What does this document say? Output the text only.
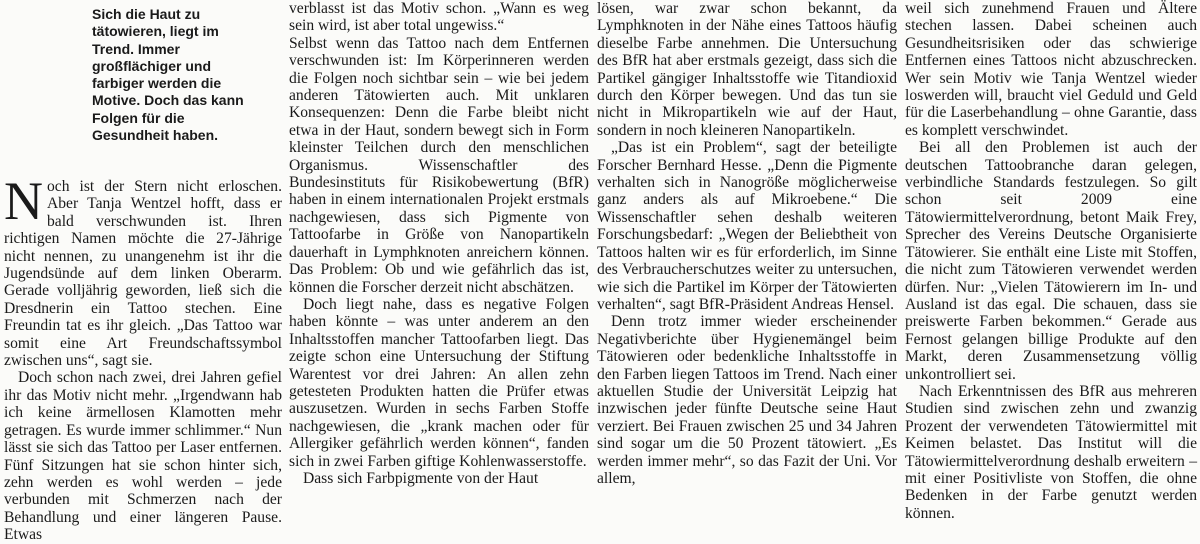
Sich die Haut zu tätowieren, liegt im Trend. Immer großflächiger und farbiger werden die Motive. Doch das kann Folgen für die Gesundheit haben.
N och ist der Stern nicht erloschen. Aber Tanja Wentzel hofft, dass er bald verschwunden ist. Ihren richtigen Namen möchte die 27-Jährige nicht nennen, zu unangenehm ist ihr die Jugendsünde auf dem linken Oberarm. Gerade volljährig geworden, ließ sich die Dresdnerin ein Tattoo stechen. Eine Freundin tat es ihr gleich. „Das Tattoo war somit eine Art Freundschaftssymbol zwischen uns“, sagt sie.

Doch schon nach zwei, drei Jahren gefiel ihr das Motiv nicht mehr. „Irgendwann hab ich keine ärmellosen Klamotten mehr getragen. Es wurde immer schlimmer.“ Nun lässt sie sich das Tattoo per Laser entfernen. Fünf Sitzungen hat sie schon hinter sich, zehn werden es wohl werden – jede verbunden mit Schmerzen nach der Behandlung und einer längeren Pause. Etwas

verblasst ist das Motiv schon. „Wann es weg sein wird, ist aber total ungewiss.“

Selbst wenn das Tattoo nach dem Entfernen verschwunden ist: Im Körperinneren werden die Folgen noch sichtbar sein – wie bei jedem anderen Tätowierten auch. Mit unklaren Konsequenzen: Denn die Farbe bleibt nicht etwa in der Haut, sondern bewegt sich in Form kleinster Teilchen durch den menschlichen Organismus. Wissenschaftler des Bundesinstituts für Risikobewertung (BfR) haben in einem internationalen Projekt erstmals nachgewiesen, dass sich Pigmente von Tattoofarbe in Größe von Nanopartikeln dauerhaft in Lymphknoten anreichern können. Das Problem: Ob und wie gefährlich das ist, können die Forscher derzeit nicht abschätzen.

Doch liegt nahe, dass es negative Folgen haben könnte – was unter anderem an den Inhaltsstoffen mancher Tattoofarben liegt. Das zeigte schon eine Untersuchung der Stiftung Warentest vor drei Jahren: An allen zehn getesteten Produkten hatten die Prüfer etwas auszusetzen. Wurden in sechs Farben Stoffe nachgewiesen, die „krank machen oder für Allergiker gefährlich werden können“, fanden sich in zwei Farben giftige Kohlenwasserstoffe.

Dass sich Farbpigmente von der Haut

lösen, war zwar schon bekannt, da Lymphknoten in der Nähe eines Tattoos häufig dieselbe Farbe annehmen. Die Untersuchung des BfR hat aber erstmals gezeigt, dass sich die Partikel gängiger Inhaltsstoffe wie Titandioxid durch den Körper bewegen. Und das tun sie nicht in Mikropartikeln wie auf der Haut, sondern in noch kleineren Nanopartikeln.

„Das ist ein Problem“, sagt der beteiligte Forscher Bernhard Hesse. „Denn die Pigmente verhalten sich in Nanogröße möglicherweise ganz anders als auf Mikroebene.“ Die Wissenschaftler sehen deshalb weiteren Forschungsbedarf: „Wegen der Beliebtheit von Tattoos halten wir es für erforderlich, im Sinne des Verbraucherschutzes weiter zu untersuchen, wie sich die Partikel im Körper der Tätowierten verhalten“, sagt BfR-Präsident Andreas Hensel.

Denn trotz immer wieder erscheinender Negativberichte über Hygienemängel beim Tätowieren oder bedenkliche Inhaltsstoffe in den Farben liegen Tattoos im Trend. Nach einer aktuellen Studie der Universität Leipzig hat inzwischen jeder fünfte Deutsche seine Haut verziert. Bei Frauen zwischen 25 und 34 Jahren sind sogar um die 50 Prozent tätowiert. „Es werden immer mehr“, so das Fazit der Uni. Vor allem,

weil sich zunehmend Frauen und Ältere stechen lassen. Dabei scheinen auch Gesundheitsrisiken oder das schwierige Entfernen eines Tattoos nicht abzuschrecken. Wer sein Motiv wie Tanja Wentzel wieder loswerden will, braucht viel Geduld und Geld für die Laserbehandlung – ohne Garantie, dass es komplett verschwindet.

Bei all den Problemen ist auch der deutschen Tattoobranche daran gelegen, verbindliche Standards festzulegen. So gilt schon seit 2009 eine Tätowiermittelverordnung, betont Maik Frey, Sprecher des Vereins Deutsche Organisierte Tätowierer. Sie enthält eine Liste mit Stoffen, die nicht zum Tätowieren verwendet werden dürfen. Nur: „Vielen Tätowierern im In- und Ausland ist das egal. Die schauen, dass sie preiswerte Farben bekommen.“ Gerade aus Fernost gelangen billige Produkte auf den Markt, deren Zusammensetzung völlig unkontrolliert sei.

Nach Erkenntnissen des BfR aus mehreren Studien sind zwischen zehn und zwanzig Prozent der verwendeten Tätowiermittel mit Keimen belastet. Das Institut will die Tätowiermittelverordnung deshalb erweitern – mit einer Positivliste von Stoffen, die ohne Bedenken in der Farbe genutzt werden können.
